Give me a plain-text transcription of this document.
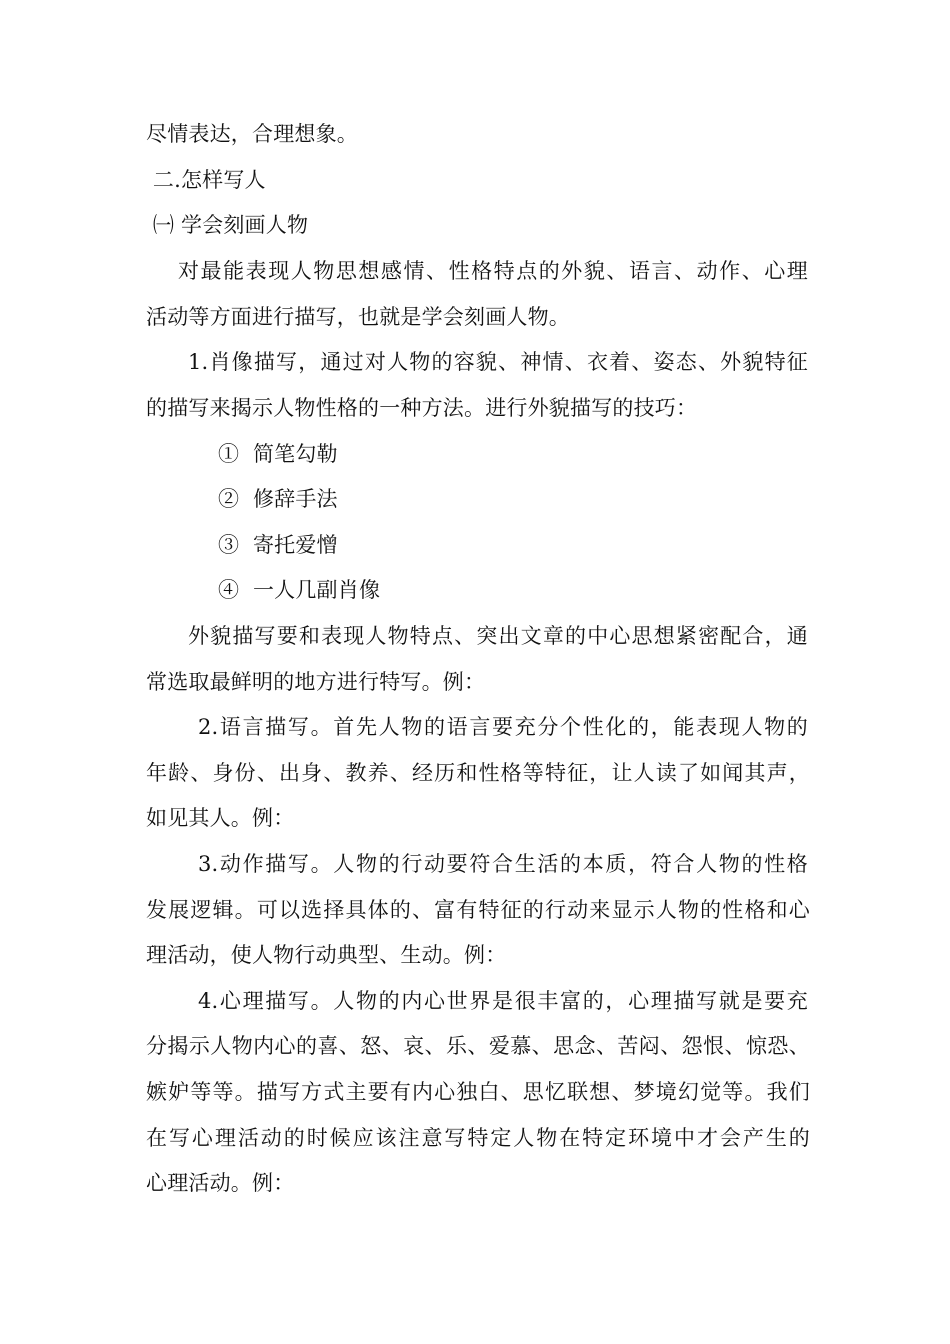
尽情表达，合理想象。
二.怎样写人
㈠ 学会刻画人物
对最能表现人物思想感情、性格特点的外貌、语言、动作、心理
活动等方面进行描写，也就是学会刻画人物。
1.肖像描写，通过对人物的容貌、神情、衣着、姿态、外貌特征
的描写来揭示人物性格的一种方法。进行外貌描写的技巧：
①  简笔勾勒
②  修辞手法
③  寄托爱憎
④  一人几副肖像
外貌描写要和表现人物特点、突出文章的中心思想紧密配合，通
常选取最鲜明的地方进行特写。例：
2.语言描写。首先人物的语言要充分个性化的，能表现人物的
年龄、身份、出身、教养、经历和性格等特征，让人读了如闻其声，
如见其人。例：
3.动作描写。人物的行动要符合生活的本质，符合人物的性格
发展逻辑。可以选择具体的、富有特征的行动来显示人物的性格和心
理活动，使人物行动典型、生动。例：
4.心理描写。人物的内心世界是很丰富的，心理描写就是要充
分揭示人物内心的喜、怒、哀、乐、爱慕、思念、苦闷、怨恨、惊恐、
嫉妒等等。描写方式主要有内心独白、思忆联想、梦境幻觉等。我们
在写心理活动的时候应该注意写特定人物在特定环境中才会产生的
心理活动。例：
